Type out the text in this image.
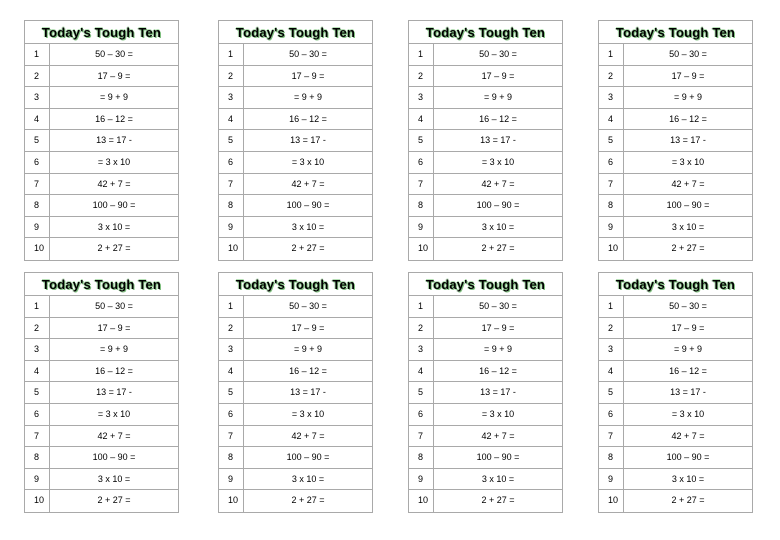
Today's Tough Ten
1	50 – 30 =
2	17 – 9 =
3	= 9 + 9
4	16 – 12 =
5	13 = 17 -
6	= 3 x 10
7	42 + 7 =
8	100 – 90 =
9	3 x 10 =
10	2 + 27 =
Today's Tough Ten
1	50 – 30 =
2	17 – 9 =
3	= 9 + 9
4	16 – 12 =
5	13 = 17 -
6	= 3 x 10
7	42 + 7 =
8	100 – 90 =
9	3 x 10 =
10	2 + 27 =
Today's Tough Ten
1	50 – 30 =
2	17 – 9 =
3	= 9 + 9
4	16 – 12 =
5	13 = 17 -
6	= 3 x 10
7	42 + 7 =
8	100 – 90 =
9	3 x 10 =
10	2 + 27 =
Today's Tough Ten
1	50 – 30 =
2	17 – 9 =
3	= 9 + 9
4	16 – 12 =
5	13 = 17 -
6	= 3 x 10
7	42 + 7 =
8	100 – 90 =
9	3 x 10 =
10	2 + 27 =
Today's Tough Ten
1	50 – 30 =
2	17 – 9 =
3	= 9 + 9
4	16 – 12 =
5	13 = 17 -
6	= 3 x 10
7	42 + 7 =
8	100 – 90 =
9	3 x 10 =
10	2 + 27 =
Today's Tough Ten
1	50 – 30 =
2	17 – 9 =
3	= 9 + 9
4	16 – 12 =
5	13 = 17 -
6	= 3 x 10
7	42 + 7 =
8	100 – 90 =
9	3 x 10 =
10	2 + 27 =
Today's Tough Ten
1	50 – 30 =
2	17 – 9 =
3	= 9 + 9
4	16 – 12 =
5	13 = 17 -
6	= 3 x 10
7	42 + 7 =
8	100 – 90 =
9	3 x 10 =
10	2 + 27 =
Today's Tough Ten
1	50 – 30 =
2	17 – 9 =
3	= 9 + 9
4	16 – 12 =
5	13 = 17 -
6	= 3 x 10
7	42 + 7 =
8	100 – 90 =
9	3 x 10 =
10	2 + 27 =
